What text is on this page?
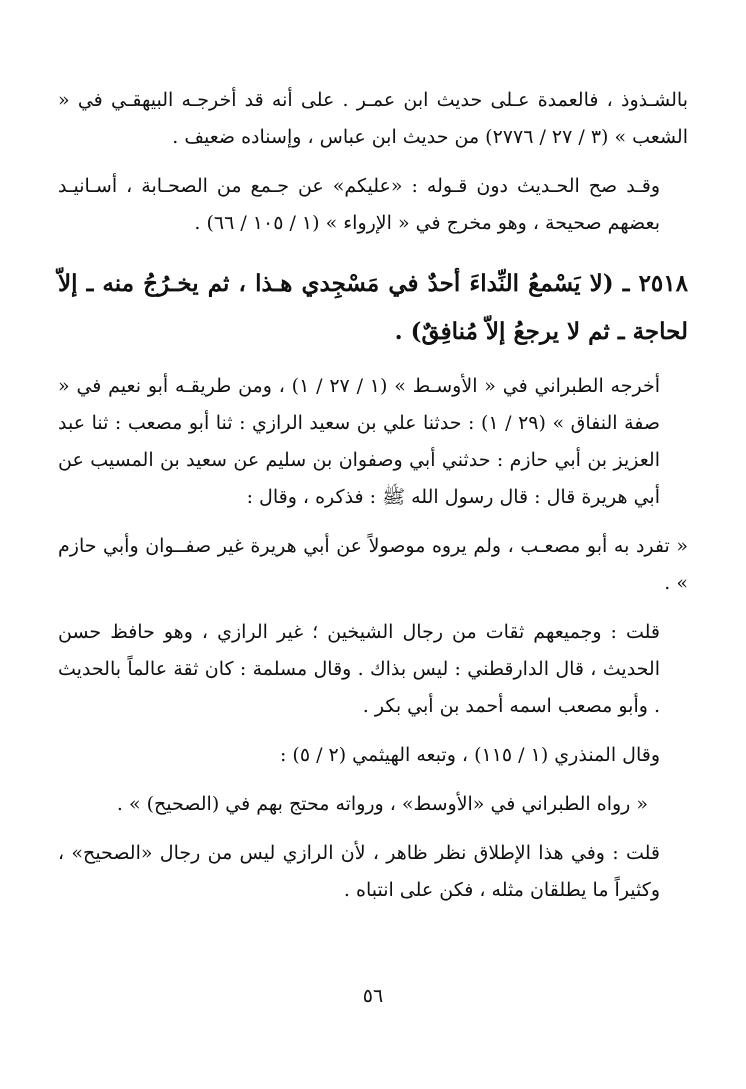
بالشـذوذ ، فالعمدة عـلى حديث ابن عمـر . على أنه قد أخرجـه البيهقـي في « الشعب » (٣ / ٢٧ / ٢٧٧٦) من حديث ابن عباس ، وإسناده ضعيف .

وقـد صح الحـديث دون قـوله : «عليكم» عن جـمع من الصحـابة ، أسـانيـد بعضهم صحيحة ، وهو مخرج في « الإرواء » (١ / ١٠٥ / ٦٦) .

٢٥١٨ ـ (لا يَسْمعُ النِّداءَ أحدٌ في مَسْجِدي هـذا ، ثم يخـرُجُ منه ـ إلاّ لحاجة ـ ثم لا يرجعُ إلاّ مُنافِقٌ) .

أخرجه الطبراني في « الأوسـط » (١ / ٢٧ / ١) ، ومن طريقـه أبو نعيم في « صفة النفاق » (٢٩ / ١) : حدثنا علي بن سعيد الرازي : ثنا أبو مصعب : ثنا عبد العزيز بن أبي حازم : حدثني أبي وصفوان بن سليم عن سعيد بن المسيب عن أبي هريرة قال : قال رسول الله ﷺ : فذكره ، وقال :

« تفرد به أبو مصعـب ، ولم يروه موصولاً عن أبي هريرة غير صفــوان وأبي حازم » .

قلت : وجميعهم ثقات من رجال الشيخين ؛ غير الرازي ، وهو حافظ حسن الحديث ، قال الدارقطني : ليس بذاك . وقال مسلمة : كان ثقة عالماً بالحديث . وأبو مصعب اسمه أحمد بن أبي بكر .

وقال المنذري (١ / ١١٥) ، وتبعه الهيثمي (٢ / ٥) :

« رواه الطبراني في «الأوسط» ، ورواته محتج بهم في (الصحيح) » .

قلت : وفي هذا الإطلاق نظر ظاهر ، لأن الرازي ليس من رجال «الصحيح» ، وكثيراً ما يطلقان مثله ، فكن على انتباه .

٥٦
